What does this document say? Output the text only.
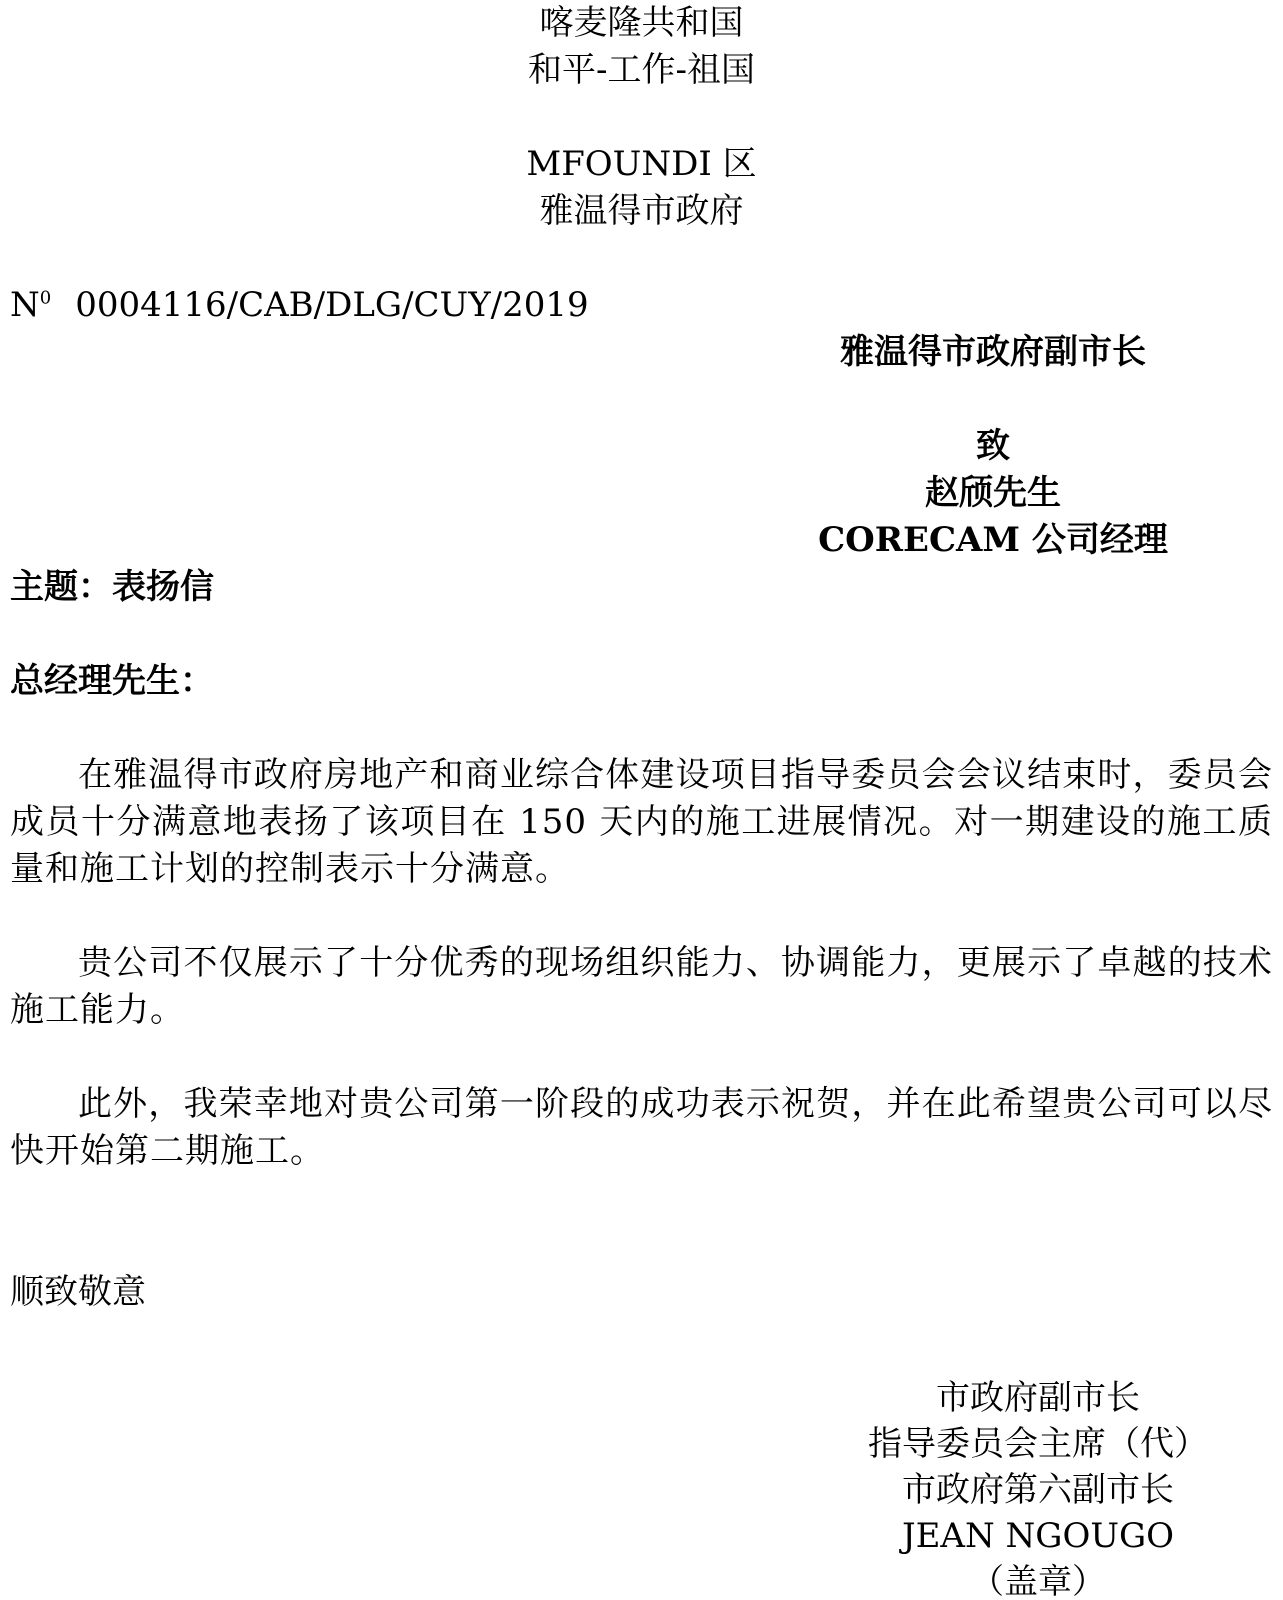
喀麦隆共和国
和平-工作-祖国
MFOUNDI 区
雅温得市政府
$N^0$ 0004116/CAB/DLG/CUY/2019
雅温得市政府副市长
致
赵颀先生
CORECAM 公司经理
主题：表扬信
总经理先生：

在雅温得市政府房地产和商业综合体建设项目指导委员会会议结束时，委员会成员十分满意地表扬了该项目在 150 天内的施工进展情况。对一期建设的施工质量和施工计划的控制表示十分满意。

贵公司不仅展示了十分优秀的现场组织能力、协调能力，更展示了卓越的技术施工能力。

此外，我荣幸地对贵公司第一阶段的成功表示祝贺，并在此希望贵公司可以尽快开始第二期施工。

顺致敬意
市政府副市长
指导委员会主席（代）
市政府第六副市长
JEAN NGOUGO
（盖章）
